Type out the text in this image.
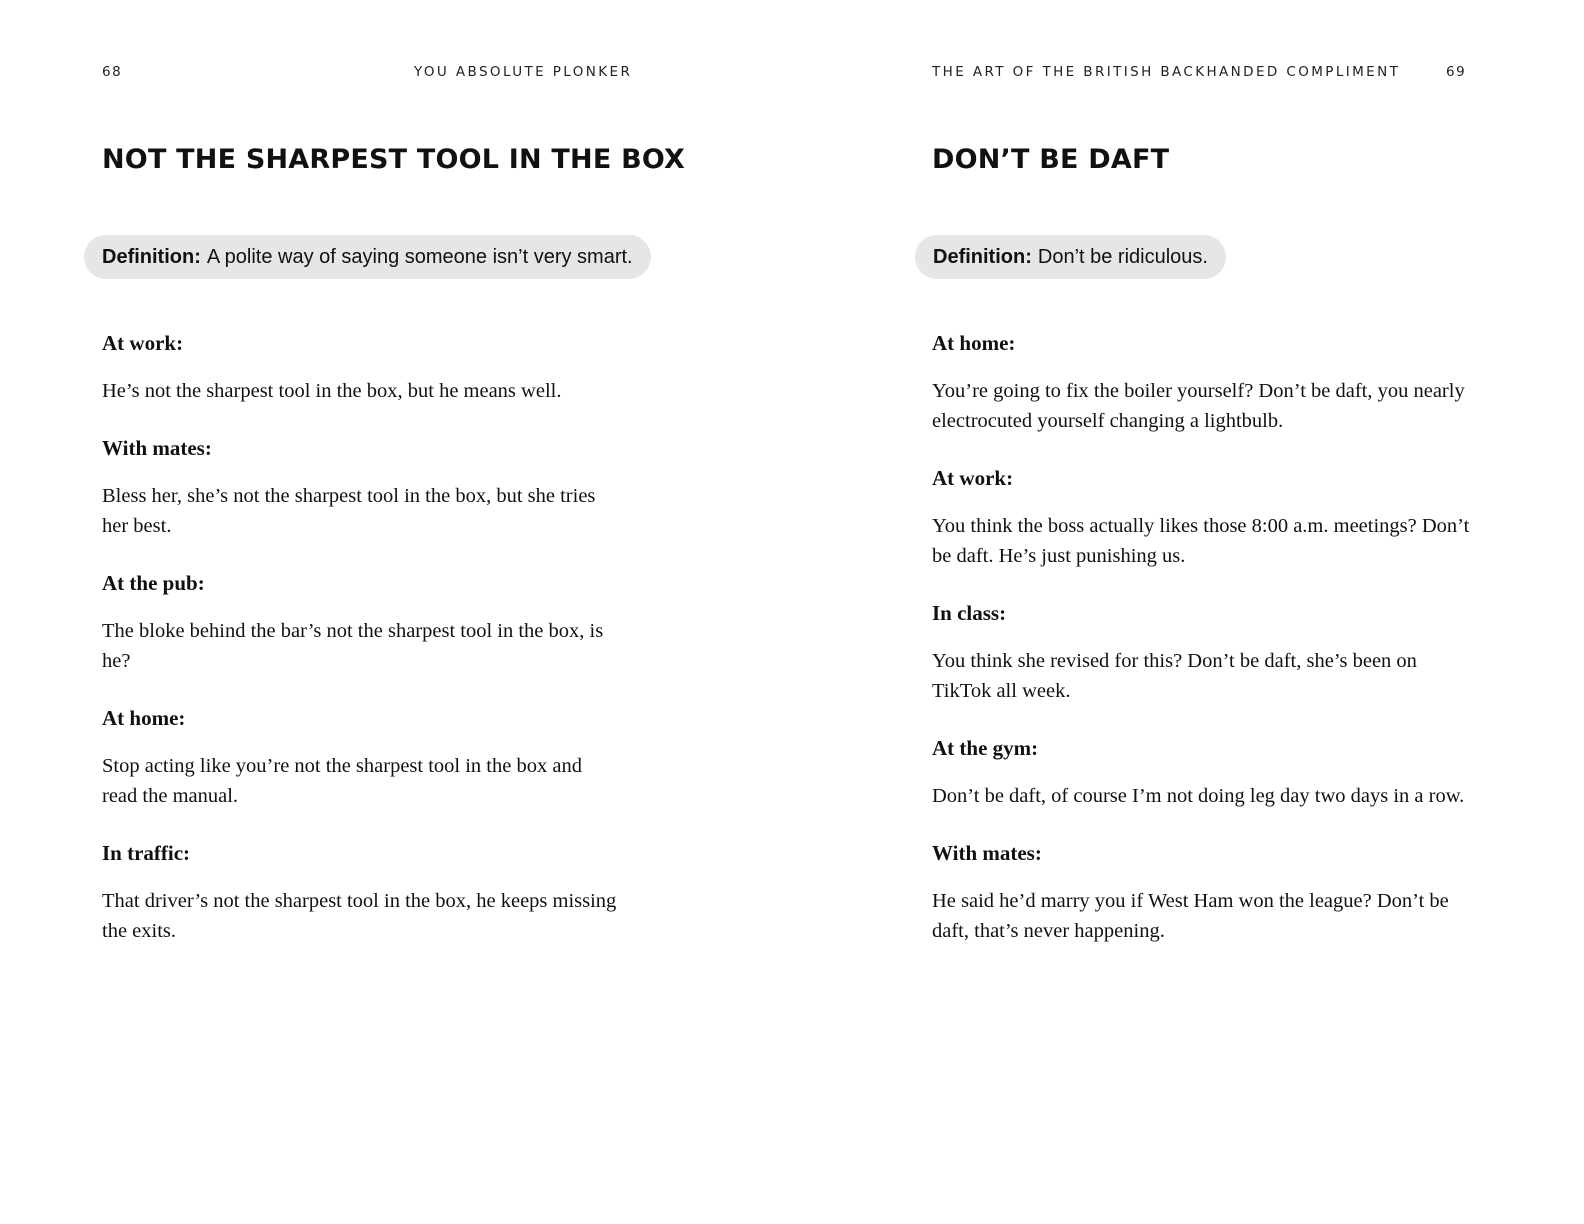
68	YOU ABSOLUTE PLONKER
NOT THE SHARPEST TOOL IN THE BOX
Definition: A polite way of saying someone isn’t very smart.

At work:

He’s not the sharpest tool in the box, but he means well.

With mates:

Bless her, she’s not the sharpest tool in the box, but she tries her best.

At the pub:

The bloke behind the bar’s not the sharpest tool in the box, is he?

At home:

Stop acting like you’re not the sharpest tool in the box and read the manual.

In traffic:

That driver’s not the sharpest tool in the box, he keeps missing the exits.

THE ART OF THE BRITISH BACKHANDED COMPLIMENT	69
DON’T BE DAFT
Definition: Don’t be ridiculous.

At home:

You’re going to fix the boiler yourself? Don’t be daft, you nearly electrocuted yourself changing a lightbulb.

At work:

You think the boss actually likes those 8:00 a.m. meetings? Don’t be daft. He’s just punishing us.

In class:

You think she revised for this? Don’t be daft, she’s been on TikTok all week.

At the gym:

Don’t be daft, of course I’m not doing leg day two days in a row.

With mates:

He said he’d marry you if West Ham won the league? Don’t be daft, that’s never happening.
